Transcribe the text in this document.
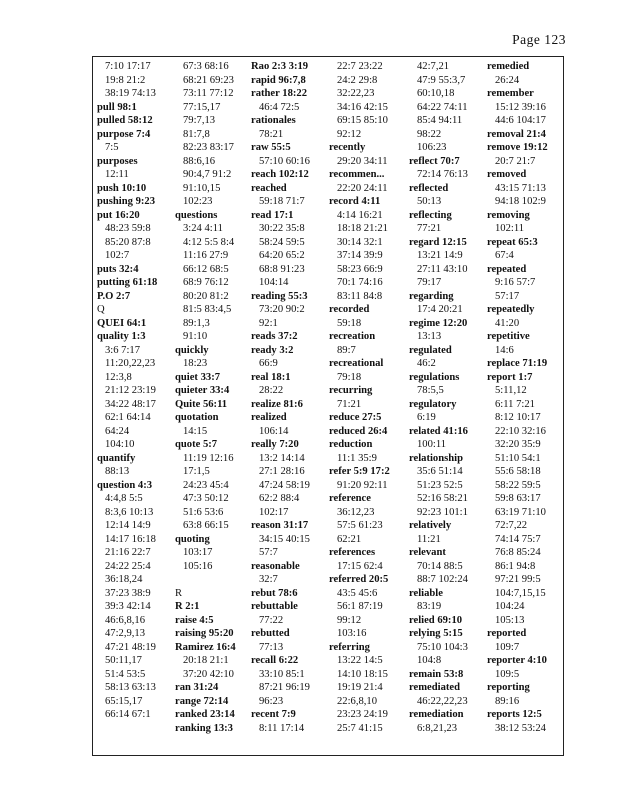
Page 123
7:10 17:17
19:8 21:2
38:19 74:13
pull 98:1
pulled 58:12
purpose 7:4
7:5
purposes
12:11
push 10:10
pushing 9:23
put 16:20
48:23 59:8
85:20 87:8
102:7
puts 32:4
putting 61:18
P.O 2:7
Q
QUEI 64:1
quality 1:3
3:6 7:17
11:20,22,23
12:3,8
21:12 23:19
34:22 48:17
62:1 64:14
64:24
104:10
quantify
88:13
question 4:3
4:4,8 5:5
8:3,6 10:13
12:14 14:9
14:17 16:18
21:16 22:7
24:22 25:4
36:18,24
37:23 38:9
39:3 42:14
46:6,8,16
47:2,9,13
47:21 48:19
50:11,17
51:4 53:5
58:13 63:13
65:15,17
66:14 67:1
67:3 68:16
68:21 69:23
73:11 77:12
77:15,17
79:7,13
81:7,8
82:23 83:17
88:6,16
90:4,7 91:2
91:10,15
102:23
questions
3:24 4:11
4:12 5:5 8:4
11:16 27:9
66:12 68:5
68:9 76:12
80:20 81:2
81:5 83:4,5
89:1,3
91:10
quickly
18:23
quiet 33:7
quieter 33:4
Quite 56:11
quotation
14:15
quote 5:7
11:19 12:16
17:1,5
24:23 45:4
47:3 50:12
51:6 53:6
63:8 66:15
quoting
103:17
105:16
R
R 2:1
raise 4:5
raising 95:20
Ramirez 16:4
20:18 21:1
37:20 42:10
ran 31:24
range 72:14
ranked 23:14
ranking 13:3
Rao 2:3 3:19
rapid 96:7,8
rather 18:22
46:4 72:5
rationales
78:21
raw 55:5
57:10 60:16
reach 102:12
reached
59:18 71:7
read 17:1
30:22 35:8
58:24 59:5
64:20 65:2
68:8 91:23
104:14
reading 55:3
73:20 90:2
92:1
reads 37:2
ready 3:2
66:9
real 18:1
28:22
realize 81:6
realized
106:14
really 7:20
13:2 14:14
27:1 28:16
47:24 58:19
62:2 88:4
102:17
reason 31:17
34:15 40:15
57:7
reasonable
32:7
rebut 78:6
rebuttable
77:22
rebutted
77:13
recall 6:22
33:10 85:1
87:21 96:19
96:23
recent 7:9
8:11 17:14
22:7 23:22
24:2 29:8
32:22,23
34:16 42:15
69:15 85:10
92:12
recently
29:20 34:11
recommen...
22:20 24:11
record 4:11
4:14 16:21
18:18 21:21
30:14 32:1
37:14 39:9
58:23 66:9
70:1 74:16
83:11 84:8
recorded
59:18
recreation
89:7
recreational
79:18
recurring
71:21
reduce 27:5
reduced 26:4
reduction
11:1 35:9
refer 5:9 17:2
91:20 92:11
reference
36:12,23
57:5 61:23
62:21
references
17:15 62:4
referred 20:5
43:5 45:6
56:1 87:19
99:12
103:16
referring
13:22 14:5
14:10 18:15
19:19 21:4
22:6,8,10
23:23 24:19
25:7 41:15
42:7,21
47:9 55:3,7
60:10,18
64:22 74:11
85:4 94:11
98:22
106:23
reflect 70:7
72:14 76:13
reflected
50:13
reflecting
77:21
regard 12:15
13:21 14:9
27:11 43:10
79:17
regarding
17:4 20:21
regime 12:20
13:13
regulated
46:2
regulations
78:5,5
regulatory
6:19
related 41:16
100:11
relationship
35:6 51:14
51:23 52:5
52:16 58:21
92:23 101:1
relatively
11:21
relevant
70:14 88:5
88:7 102:24
reliable
83:19
relied 69:10
relying 5:15
75:10 104:3
104:8
remain 53:8
remediated
46:22,22,23
remediation
6:8,21,23
remedied
26:24
remember
15:12 39:16
44:6 104:17
removal 21:4
remove 19:12
20:7 21:7
removed
43:15 71:13
94:18 102:9
removing
102:11
repeat 65:3
67:4
repeated
9:16 57:7
57:17
repeatedly
41:20
repetitive
14:6
replace 71:19
report 1:7
5:11,12
6:11 7:21
8:12 10:17
22:10 32:16
32:20 35:9
51:10 54:1
55:6 58:18
58:22 59:5
59:8 63:17
63:19 71:10
72:7,22
74:14 75:7
76:8 85:24
86:1 94:8
97:21 99:5
104:7,15,15
104:24
105:13
reported
109:7
reporter 4:10
109:5
reporting
89:16
reports 12:5
38:12 53:24
